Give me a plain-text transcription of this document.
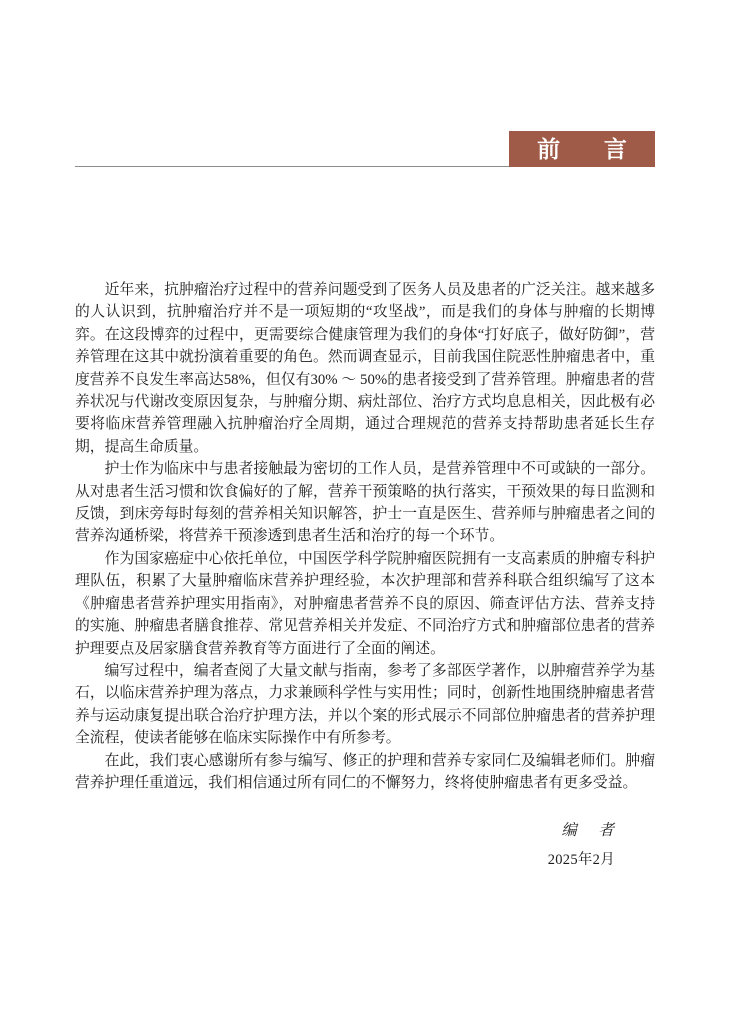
前　言

近年来，抗肿瘤治疗过程中的营养问题受到了医务人员及患者的广泛关注。越来越多的人认识到，抗肿瘤治疗并不是一项短期的“攻坚战”，而是我们的身体与肿瘤的长期博弈。在这段博弈的过程中，更需要综合健康管理为我们的身体“打好底子，做好防御”，营养管理在这其中就扮演着重要的角色。然而调查显示，目前我国住院恶性肿瘤患者中，重度营养不良发生率高达58%，但仅有30% ～ 50%的患者接受到了营养管理。肿瘤患者的营养状况与代谢改变原因复杂，与肿瘤分期、病灶部位、治疗方式均息息相关，因此极有必要将临床营养管理融入抗肿瘤治疗全周期，通过合理规范的营养支持帮助患者延长生存期，提高生命质量。

护士作为临床中与患者接触最为密切的工作人员，是营养管理中不可或缺的一部分。从对患者生活习惯和饮食偏好的了解，营养干预策略的执行落实，干预效果的每日监测和反馈，到床旁每时每刻的营养相关知识解答，护士一直是医生、营养师与肿瘤患者之间的营养沟通桥梁，将营养干预渗透到患者生活和治疗的每一个环节。

作为国家癌症中心依托单位，中国医学科学院肿瘤医院拥有一支高素质的肿瘤专科护理队伍，积累了大量肿瘤临床营养护理经验，本次护理部和营养科联合组织编写了这本《肿瘤患者营养护理实用指南》，对肿瘤患者营养不良的原因、筛查评估方法、营养支持的实施、肿瘤患者膳食推荐、常见营养相关并发症、不同治疗方式和肿瘤部位患者的营养护理要点及居家膳食营养教育等方面进行了全面的阐述。

编写过程中，编者查阅了大量文献与指南，参考了多部医学著作，以肿瘤营养学为基石，以临床营养护理为落点，力求兼顾科学性与实用性；同时，创新性地围绕肿瘤患者营养与运动康复提出联合治疗护理方法，并以个案的形式展示不同部位肿瘤患者的营养护理全流程，使读者能够在临床实际操作中有所参考。

在此，我们衷心感谢所有参与编写、修正的护理和营养专家同仁及编辑老师们。肿瘤营养护理任重道远，我们相信通过所有同仁的不懈努力，终将使肿瘤患者有更多受益。

编　者
2025年2月
